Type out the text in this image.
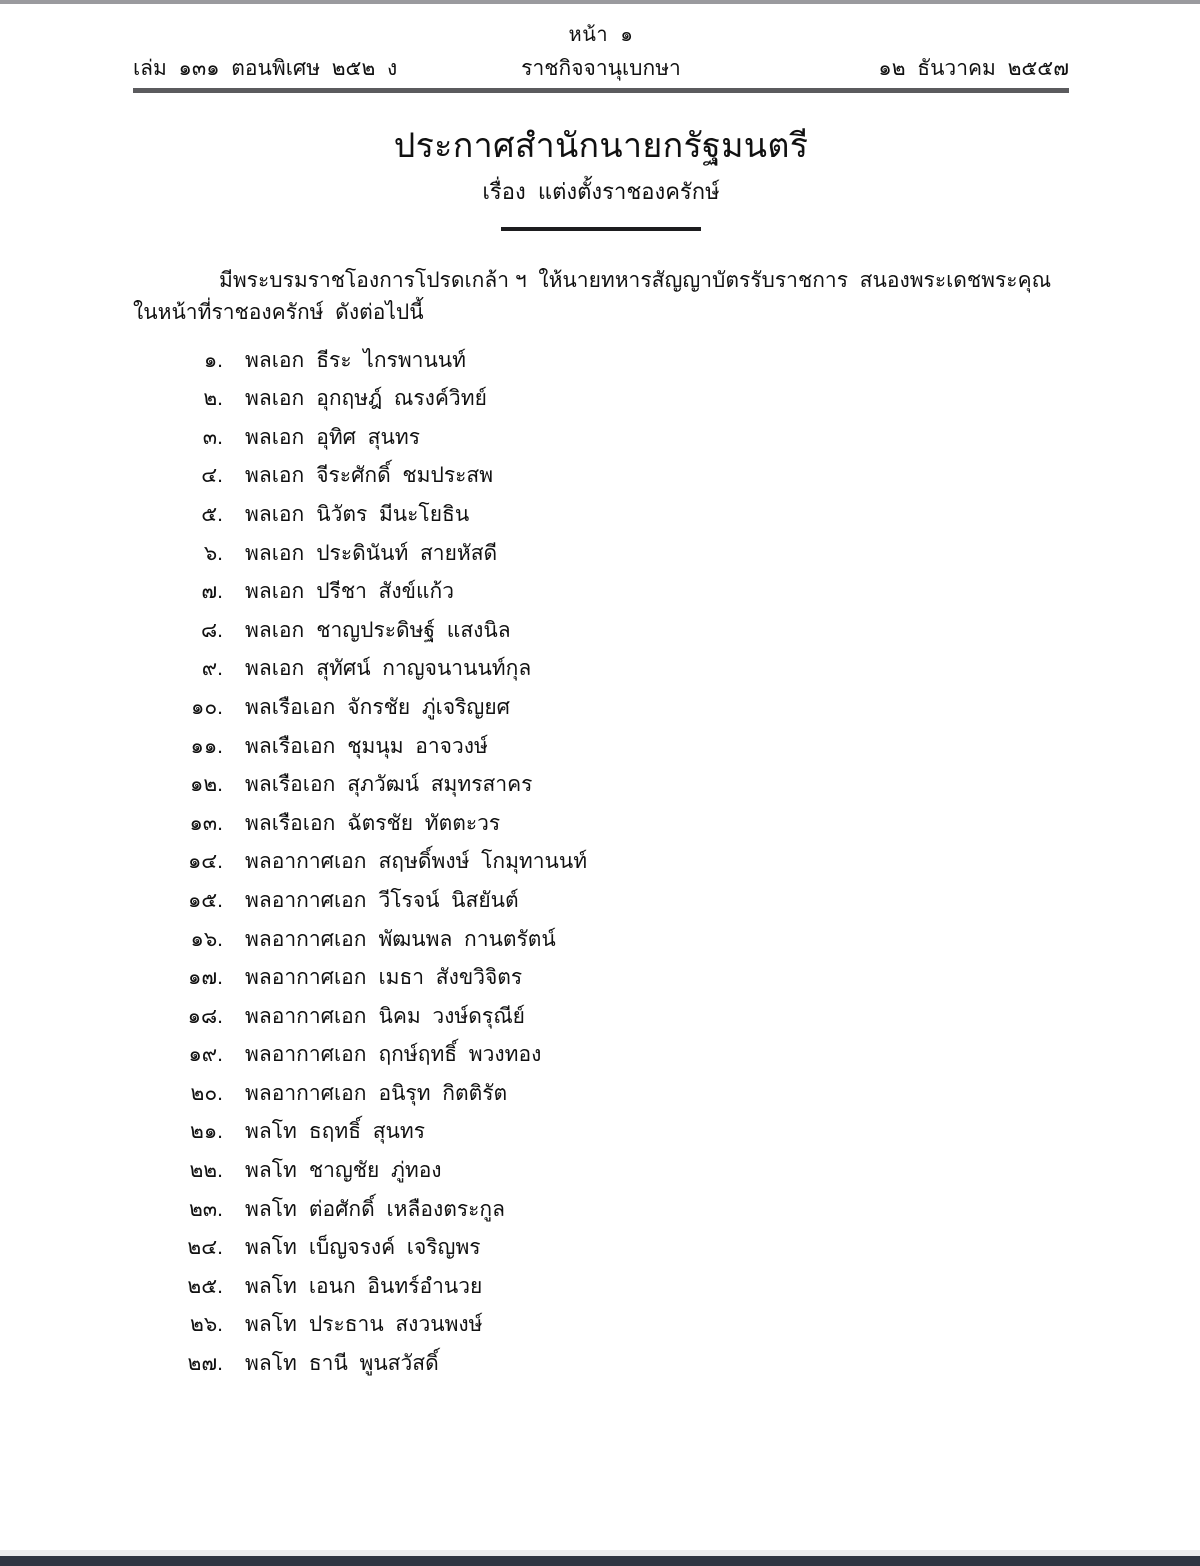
หน้า  ๑
ราชกิจจานุเบกษา
เล่ม  ๑๓๑  ตอนพิเศษ  ๒๕๒  ง	๑๒  ธันวาคม  ๒๕๕๗
ประกาศสำนักนายกรัฐมนตรี
เรื่อง  แต่งตั้งราชองครักษ์
มีพระบรมราชโองการโปรดเกล้า ฯ  ให้นายทหารสัญญาบัตรรับราชการ  สนองพระเดชพระคุณ
ในหน้าที่ราชองครักษ์  ดังต่อไปนี้
๑.	พลเอก ธีระ  ไกรพานนท์
๒.	พลเอก อุกฤษฎ์  ณรงค์วิทย์
๓.	พลเอก อุทิศ  สุนทร
๔.	พลเอก จีระศักดิ์  ชมประสพ
๕.	พลเอก นิวัตร  มีนะโยธิน
๖.	พลเอก ประดินันท์  สายหัสดี
๗.	พลเอก ปรีชา  สังข์แก้ว
๘.	พลเอก ชาญประดิษฐ์  แสงนิล
๙.	พลเอก สุทัศน์  กาญจนานนท์กุล
๑๐.	พลเรือเอก จักรชัย  ภู่เจริญยศ
๑๑.	พลเรือเอก ชุมนุม  อาจวงษ์
๑๒.	พลเรือเอก สุภวัฒน์  สมุทรสาคร
๑๓.	พลเรือเอก ฉัตรชัย  ทัตตะวร
๑๔.	พลอากาศเอก สฤษดิ์พงษ์  โกมุทานนท์
๑๕.	พลอากาศเอก วีโรจน์  นิสยันต์
๑๖.	พลอากาศเอก พัฒนพล  กานตรัตน์
๑๗.	พลอากาศเอก เมธา  สังขวิจิตร
๑๘.	พลอากาศเอก นิคม  วงษ์ดรุณีย์
๑๙.	พลอากาศเอก ฤกษ์ฤทธิ์  พวงทอง
๒๐.	พลอากาศเอก อนิรุท  กิตติรัต
๒๑.	พลโท ธฤทธิ์  สุนทร
๒๒.	พลโท ชาญชัย  ภู่ทอง
๒๓.	พลโท ต่อศักดิ์  เหลืองตระกูล
๒๔.	พลโท เบ็ญจรงค์  เจริญพร
๒๕.	พลโท เอนก  อินทร์อำนวย
๒๖.	พลโท ประธาน  สงวนพงษ์
๒๗.	พลโท ธานี  พูนสวัสดิ์
